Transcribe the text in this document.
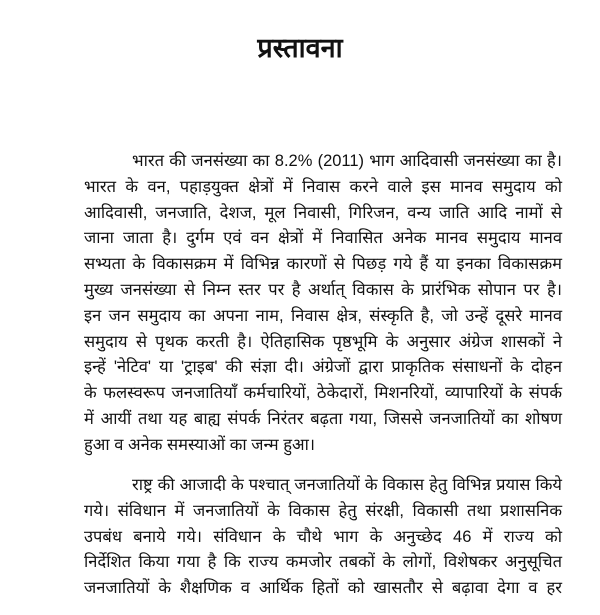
प्रस्तावना
भारत की जनसंख्या का 8.2% (2011) भाग आदिवासी जनसंख्या का है।
भारत के वन, पहाड़युक्त क्षेत्रों में निवास करने वाले इस मानव समुदाय को
आदिवासी, जनजाति, देशज, मूल निवासी, गिरिजन, वन्य जाति आदि नामों से
जाना जाता है। दुर्गम एवं वन क्षेत्रों में निवासित अनेक मानव समुदाय मानव
सभ्यता के विकासक्रम में विभिन्न कारणों से पिछड़ गये हैं या इनका विकासक्रम
मुख्य जनसंख्या से निम्न स्तर पर है अर्थात् विकास के प्रारंभिक सोपान पर है।
इन जन समुदाय का अपना नाम, निवास क्षेत्र, संस्कृति है, जो उन्हें दूसरे मानव
समुदाय से पृथक करती है। ऐतिहासिक पृष्ठभूमि के अनुसार अंग्रेज शासकों ने
इन्हें 'नेटिव' या 'ट्राइब' की संज्ञा दी। अंग्रेजों द्वारा प्राकृतिक संसाधनों के दोहन
के फलस्वरूप जनजातियाँ कर्मचारियों, ठेकेदारों, मिशनरियों, व्यापारियों के संपर्क
में आयीं तथा यह बाह्य संपर्क निरंतर बढ़ता गया, जिससे जनजातियों का शोषण
हुआ व अनेक समस्याओं का जन्म हुआ।
राष्ट्र की आजादी के पश्चात् जनजातियों के विकास हेतु विभिन्न प्रयास किये
गये। संविधान में जनजातियों के विकास हेतु संरक्षी, विकासी तथा प्रशासनिक
उपबंध बनाये गये। संविधान के चौथे भाग के अनुच्छेद 46 में राज्य को
निर्देशित किया गया है कि राज्य कमजोर तबकों के लोगों, विशेषकर अनुसूचित
जनजातियों के शैक्षणिक व आर्थिक हितों को खासतौर से बढ़ावा देगा व हर
